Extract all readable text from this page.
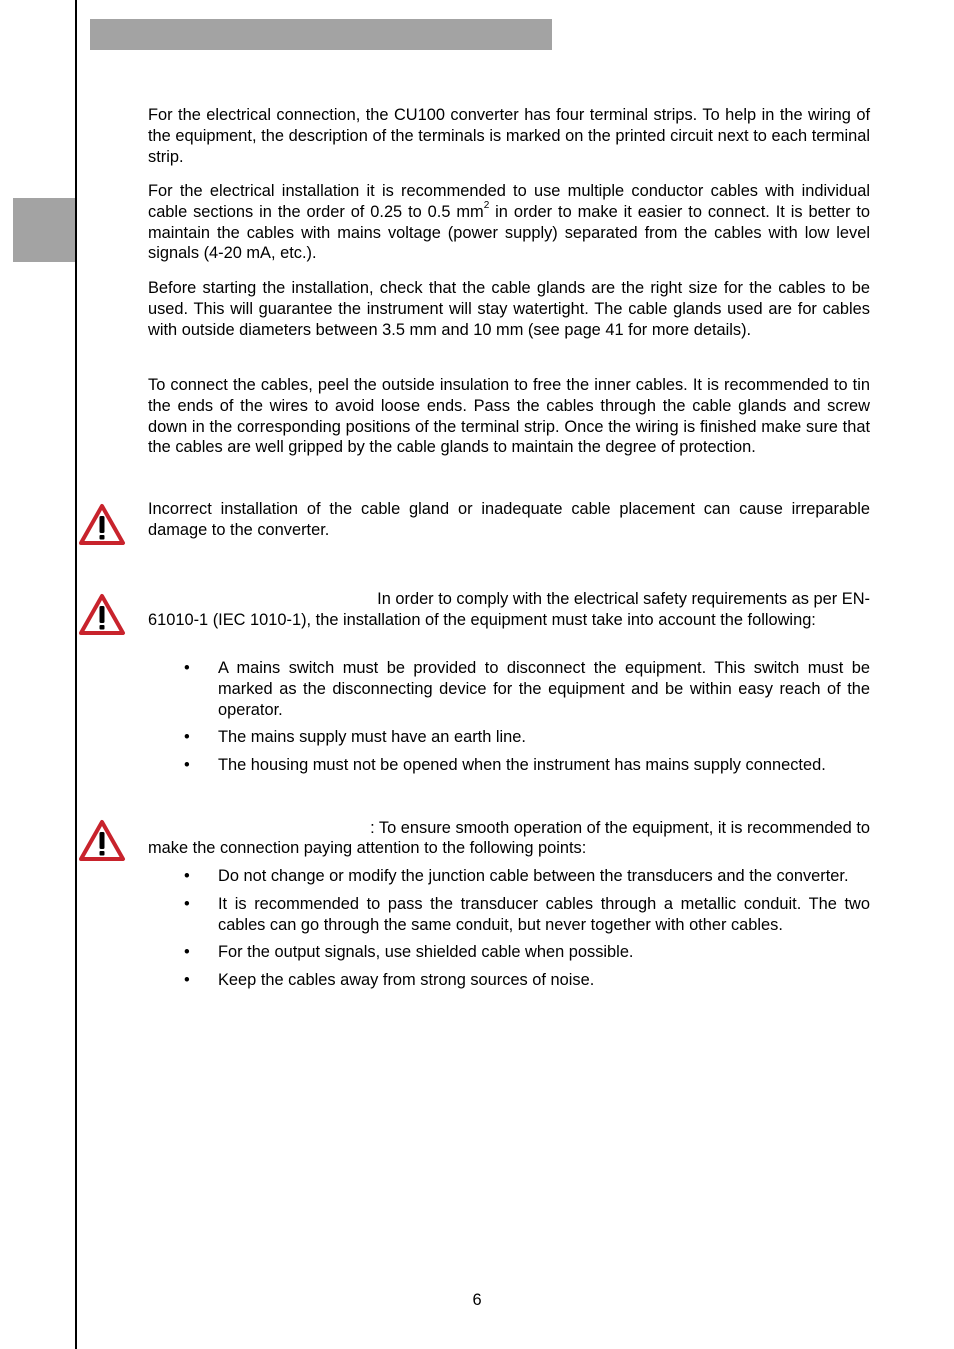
For the electrical connection, the CU100 converter has four terminal strips. To help in the wiring of the equipment, the description of the terminals is marked on the printed circuit next to each terminal strip.

For the electrical installation it is recommended to use multiple conductor cables with individual cable sections in the order of 0.25 to 0.5 $mm^2$ in order to make it easier to connect. It is better to maintain the cables with mains voltage (power supply) separated from the cables with low level signals (4-20 mA, etc.).

Before starting the installation, check that the cable glands are the right size for the cables to be used. This will guarantee the instrument will stay watertight. The cable glands used are for cables with outside diameters between 3.5 mm and 10 mm (see page 41 for more details).

To connect the cables, peel the outside insulation to free the inner cables. It is recommended to tin the ends of the wires to avoid loose ends. Pass the cables through the cable glands and screw down in the corresponding positions of the terminal strip. Once the wiring is finished make sure that the cables are well gripped by the cable glands to maintain the degree of protection.

Incorrect installation of the cable gland or inadequate cable placement can cause irreparable damage to the converter.

In order to comply with the electrical safety requirements as per EN-

61010-1 (IEC 1010-1), the installation of the equipment must take into account the following:

• A mains switch must be provided to disconnect the equipment. This switch must be marked as the disconnecting device for the equipment and be within easy reach of the operator.
• The mains supply must have an earth line.
• The housing must not be opened when the instrument has mains supply connected.

: To ensure smooth operation of the equipment, it is recommended to

make the connection paying attention to the following points:

• Do not change or modify the junction cable between the transducers and the converter.
• It is recommended to pass the transducer cables through a metallic conduit. The two cables can go through the same conduit, but never together with other cables.
• For the output signals, use shielded cable when possible.
• Keep the cables away from strong sources of noise.
6
